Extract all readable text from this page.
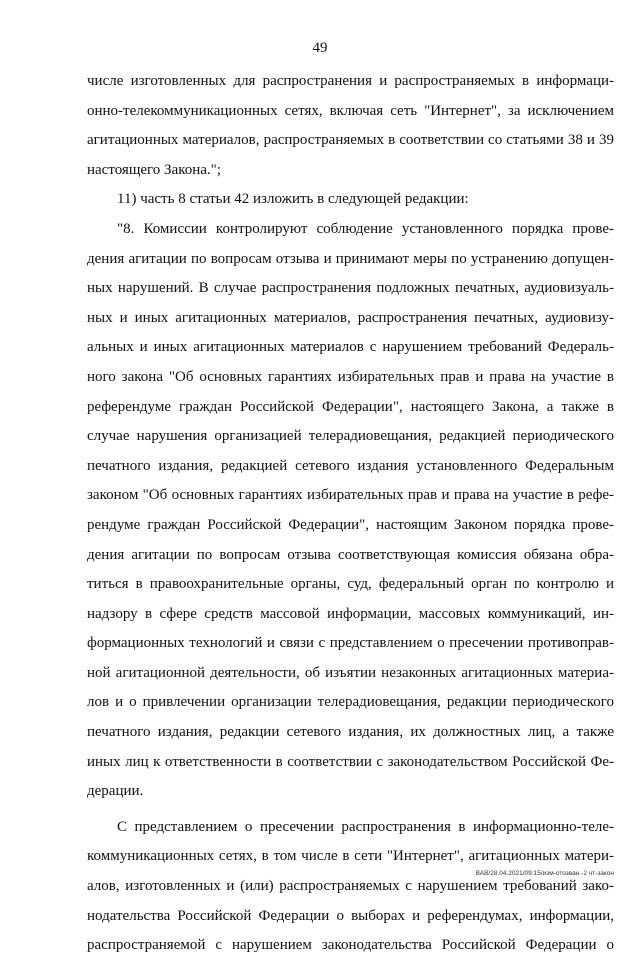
49
числе изготовленных для распространения и распространяемых в информаци-
онно-телекоммуникационных сетях, включая сеть "Интернет", за исключением
агитационных материалов, распространяемых в соответствии со статьями 38 и 39
настоящего Закона.";
11) часть 8 статьи 42 изложить в следующей редакции:
"8. Комиссии контролируют соблюдение установленного порядка прове-
дения агитации по вопросам отзыва и принимают меры по устранению допущен-
ных нарушений. В случае распространения подложных печатных, аудиовизуаль-
ных и иных агитационных материалов, распространения печатных, аудиовизу-
альных и иных агитационных материалов с нарушением требований Федераль-
ного закона "Об основных гарантиях избирательных прав и права на участие в
референдуме граждан Российской Федерации", настоящего Закона, а также в
случае нарушения организацией телерадиовещания, редакцией периодического
печатного издания, редакцией сетевого издания установленного Федеральным
законом "Об основных гарантиях избирательных прав и права на участие в рефе-
рендуме граждан Российской Федерации", настоящим Законом порядка прове-
дения агитации по вопросам отзыва соответствующая комиссия обязана обра-
титься в правоохранительные органы, суд, федеральный орган по контролю и
надзору в сфере средств массовой информации, массовых коммуникаций, ин-
формационных технологий и связи с представлением о пресечении противоправ-
ной агитационной деятельности, об изъятии незаконных агитационных материа-
лов и о привлечении организации телерадиовещания, редакции периодического
печатного издания, редакции сетевого издания, их должностных лиц, а также
иных лиц к ответственности в соответствии с законодательством Российской Фе-
дерации.
С представлением о пресечении распространения в информационно-теле-
коммуникационных сетях, в том числе в сети "Интернет", агитационных матери-
алов, изготовленных и (или) распространяемых с нарушением требований зако-
нодательства Российской Федерации о выборах и референдумах, информации,
распространяемой с нарушением законодательства Российской Федерации о
ВАВ/28.04.2021/09:15/изм-отозван.-2 чт-закон
